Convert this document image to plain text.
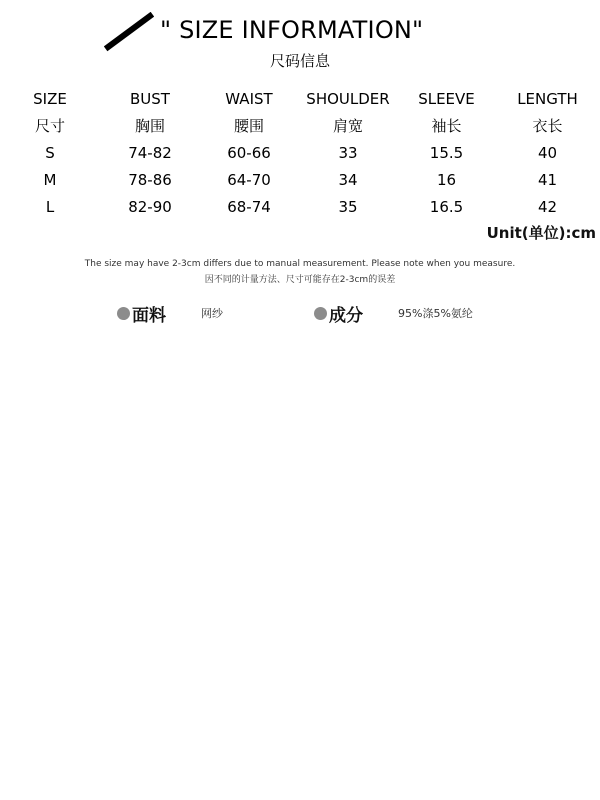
" SIZE INFORMATION"
尺码信息
SIZE	BUST	WAIST	SHOULDER	SLEEVE	LENGTH
尺寸	胸围	腰围	肩宽	袖长	衣长
S	74-82	60-66	33	15.5	40
M	78-86	64-70	34	16	41
L	82-90	68-74	35	16.5	42
Unit(单位):cm
The size may have 2-3cm differs due to manual measurement. Please note when you measure.
因不同的计量方法、尺寸可能存在2-3cm的误差
面料	网纱	成分	95%涤5%氨纶
